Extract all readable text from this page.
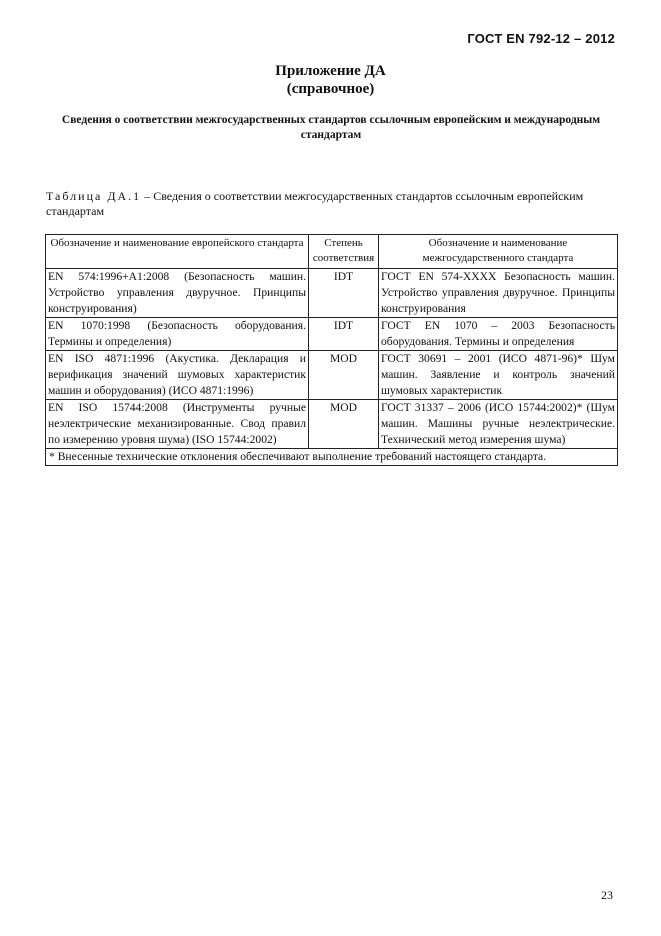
ГОСТ EN 792-12 – 2012
Приложение ДА
(справочное)
Сведения о соответствии межгосударственных стандартов ссылочным европейским и международным стандартам
Таблица ДА.1 – Сведения о соответствии межгосударственных стандартов ссылочным европейским стандартам
Обозначение и наименование европейского стандарта	Степень соответствия	Обозначение и наименование межгосударственного стандарта
EN 574:1996+A1:2008 (Безопасность машин. Устройство управления двуручное. Принципы конструирования)	IDT	ГОСТ EN 574-XXXX Безопасность машин. Устройство управления двуручное. Принципы конструирования
EN 1070:1998 (Безопасность оборудования. Термины и определения)	IDT	ГОСТ EN 1070 – 2003 Безопасность оборудования. Термины и определения
EN ISO 4871:1996 (Акустика. Декларация и верификация значений шумовых характеристик машин и оборудования) (ИСО 4871:1996)	MOD	ГОСТ 30691 – 2001 (ИСО 4871-96)* Шум машин. Заявление и контроль значений шумовых характеристик
EN ISO 15744:2008 (Инструменты ручные неэлектрические механизированные. Свод правил по измерению уровня шума) (ISO 15744:2002)	MOD	ГОСТ 31337 – 2006 (ИСО 15744:2002)* (Шум машин. Машины ручные неэлектрические. Технический метод измерения шума)
* Внесенные технические отклонения обеспечивают выполнение требований настоящего стандарта.		
23
